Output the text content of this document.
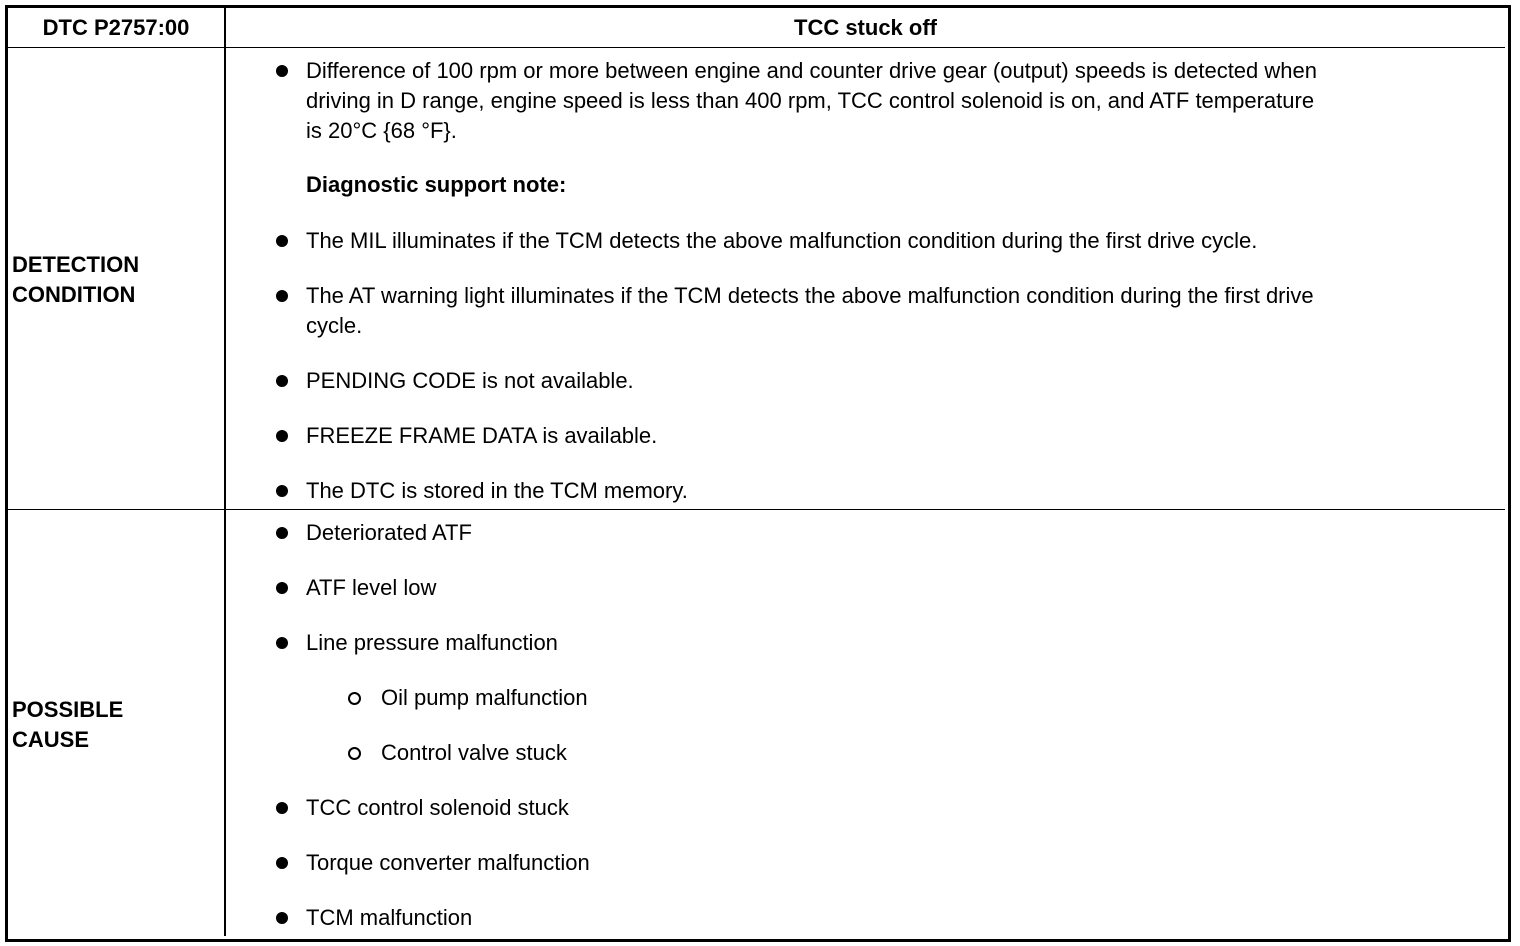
DTC P2757:00	TCC stuck off
DETECTION
CONDITION
Difference of 100 rpm or more between engine and counter drive gear (output) speeds is detected when
driving in D range, engine speed is less than 400 rpm, TCC control solenoid is on, and ATF temperature
is 20°C {68 °F}.
Diagnostic support note:
The MIL illuminates if the TCM detects the above malfunction condition during the first drive cycle.
The AT warning light illuminates if the TCM detects the above malfunction condition during the first drive
cycle.
PENDING CODE is not available.
FREEZE FRAME DATA is available.
The DTC is stored in the TCM memory.
POSSIBLE
CAUSE
Deteriorated ATF
ATF level low
Line pressure malfunction
Oil pump malfunction
Control valve stuck
TCC control solenoid stuck
Torque converter malfunction
TCM malfunction
